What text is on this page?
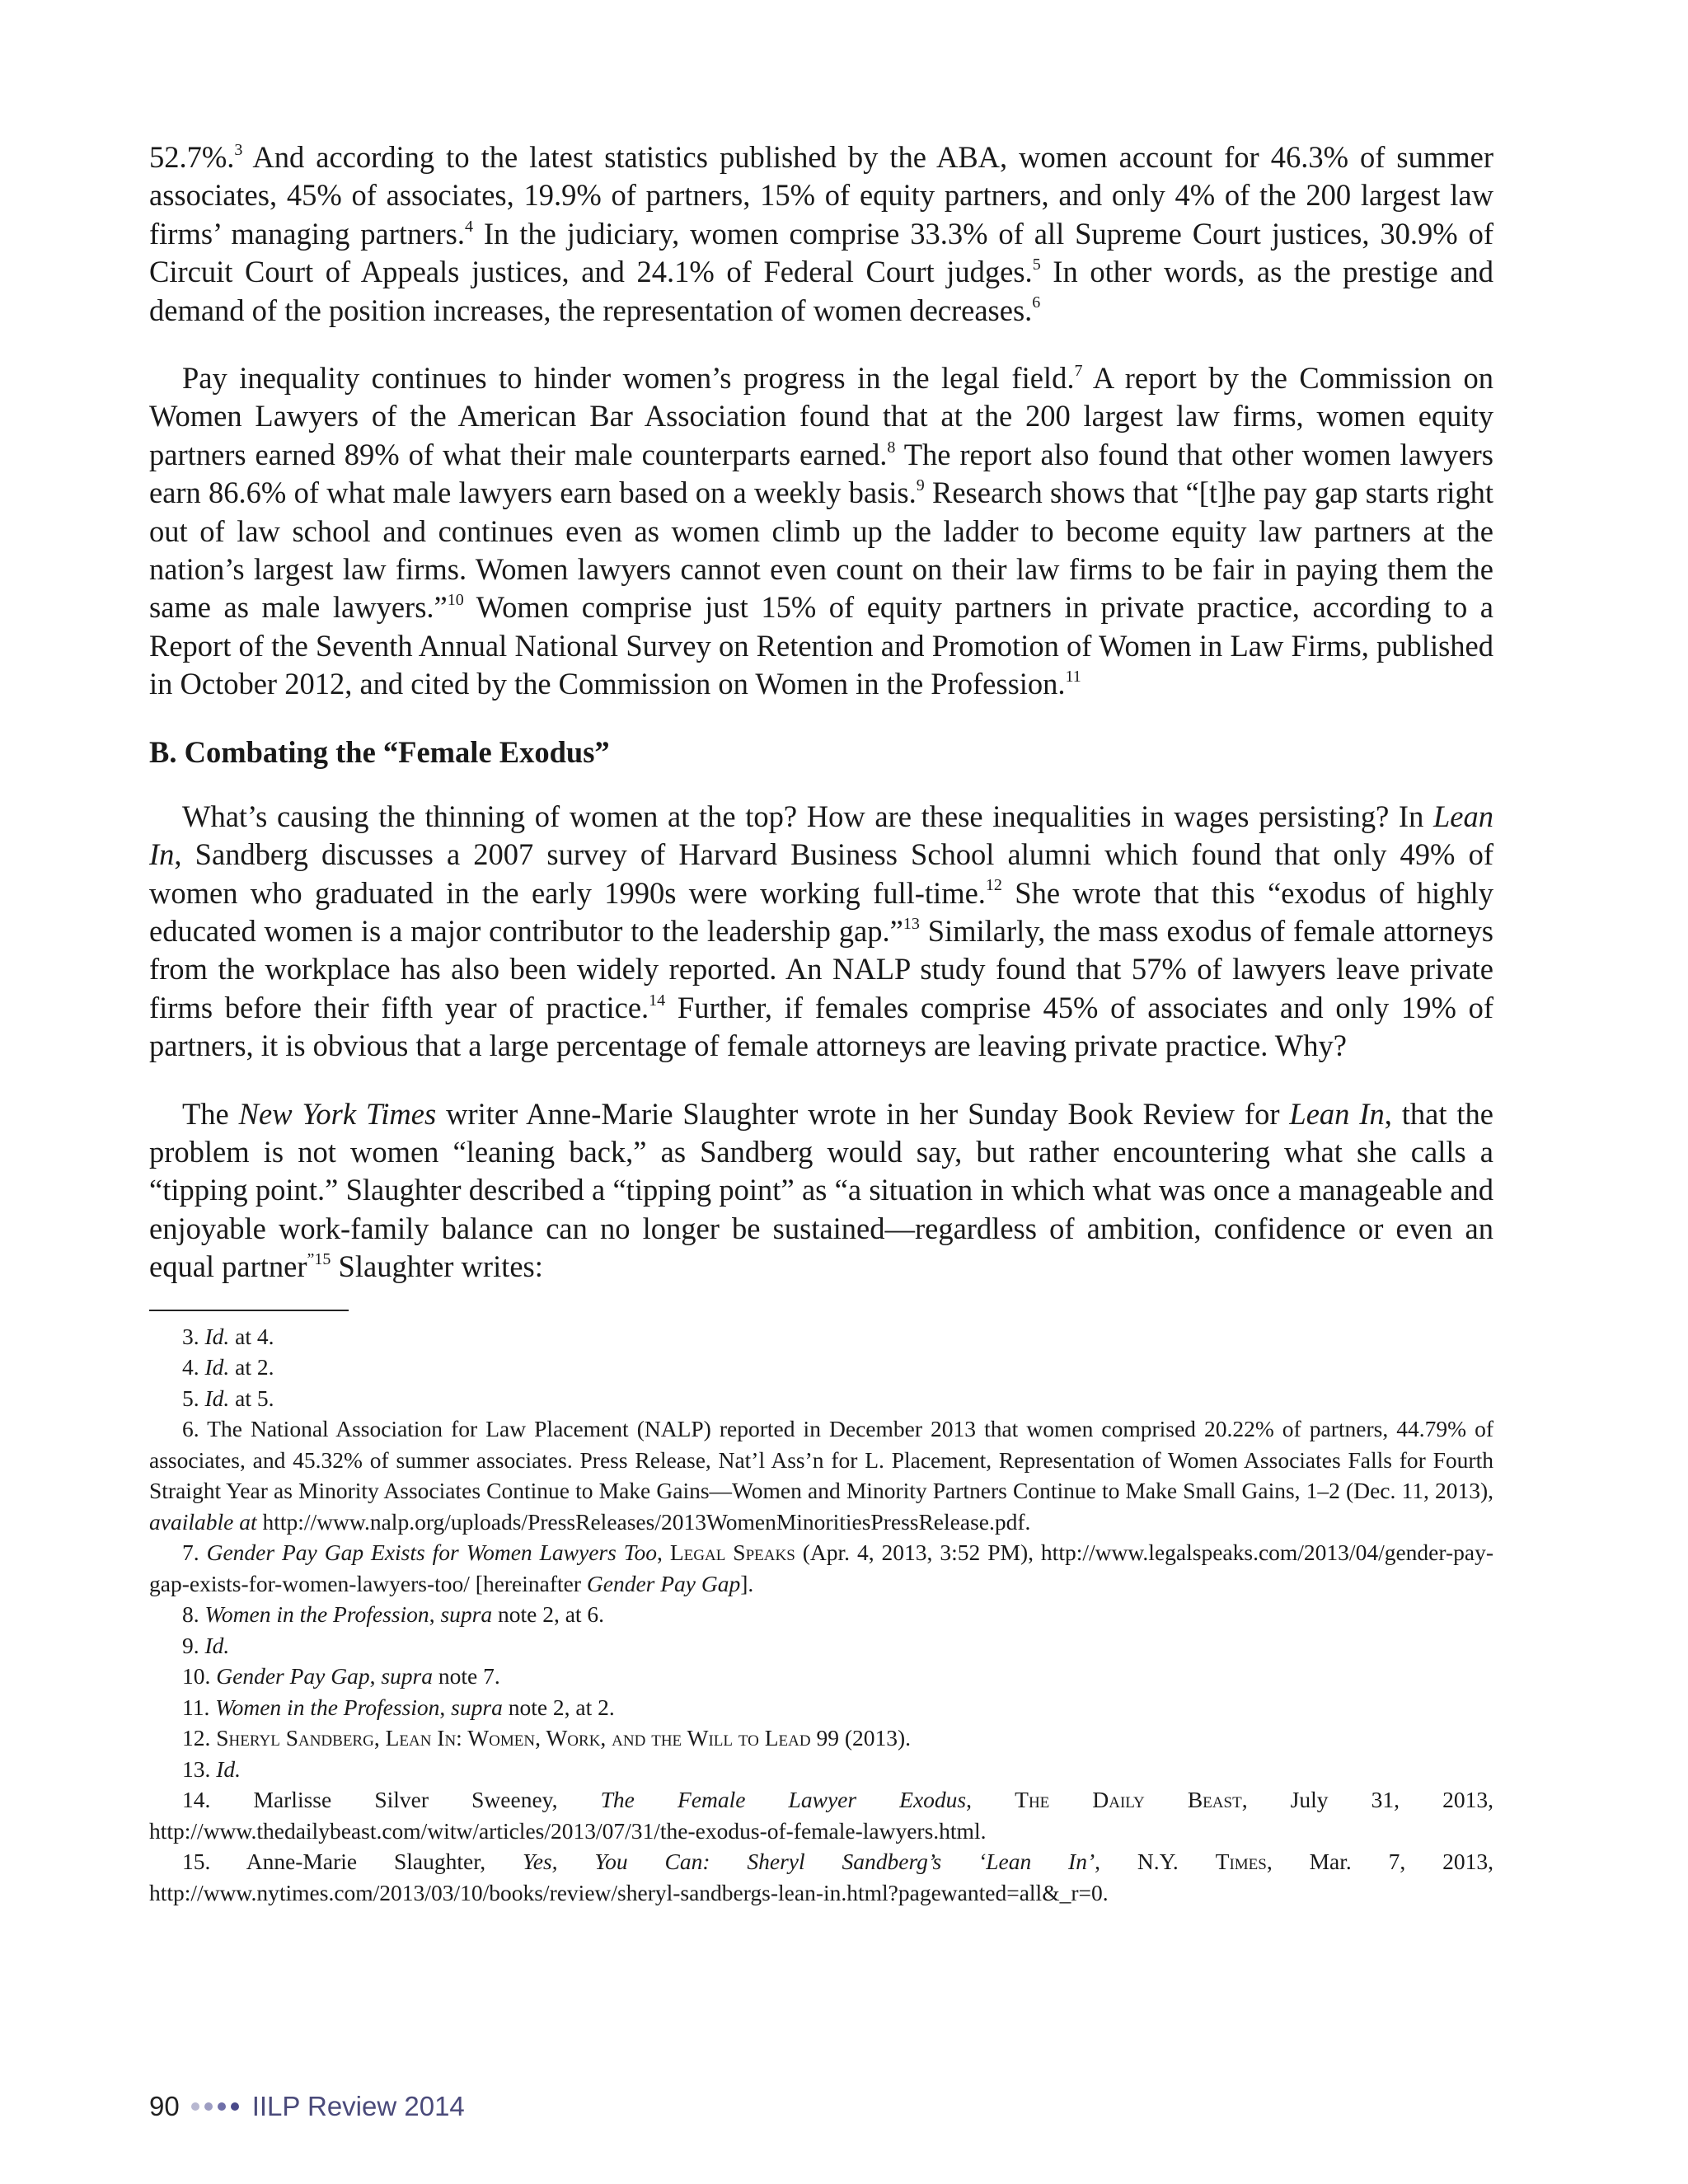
52.7%.$^3$ And according to the latest statistics published by the ABA, women account for 46.3% of summer associates, 45% of associates, 19.9% of partners, 15% of equity partners, and only 4% of the 200 largest law firms’ managing partners.$^4$ In the judiciary, women comprise 33.3% of all Supreme Court justices, 30.9% of Circuit Court of Appeals justices, and 24.1% of Federal Court judges.$^5$ In other words, as the prestige and demand of the position increases, the representation of women decreases.$^6$

Pay inequality continues to hinder women’s progress in the legal field.$^7$ A report by the Commission on Women Lawyers of the American Bar Association found that at the 200 largest law firms, women equity partners earned 89% of what their male counterparts earned.$^8$ The report also found that other women lawyers earn 86.6% of what male lawyers earn based on a weekly basis.$^9$ Research shows that “[t]he pay gap starts right out of law school and continues even as women climb up the ladder to become equity law partners at the nation’s largest law firms. Women lawyers cannot even count on their law firms to be fair in paying them the same as male lawyers.”$^{10}$ Women comprise just 15% of equity partners in private practice, according to a Report of the Seventh Annual National Survey on Retention and Promotion of Women in Law Firms, published in October 2012, and cited by the Commission on Women in the Profession.$^{11}$

B. Combating the “Female Exodus”

What’s causing the thinning of women at the top? How are these inequalities in wages persisting? In Lean In, Sandberg discusses a 2007 survey of Harvard Business School alumni which found that only 49% of women who graduated in the early 1990s were working full-time.$^{12}$ She wrote that this “exodus of highly educated women is a major contributor to the leadership gap.”$^{13}$ Similarly, the mass exodus of female attorneys from the workplace has also been widely reported. An NALP study found that 57% of lawyers leave private firms before their fifth year of practice.$^{14}$ Further, if females comprise 45% of associates and only 19% of partners, it is obvious that a large percentage of female attorneys are leaving private practice. Why?

The New York Times writer Anne-Marie Slaughter wrote in her Sunday Book Review for Lean In, that the problem is not women “leaning back,” as Sandberg would say, but rather encountering what she calls a “tipping point.” Slaughter described a “tipping point” as “a situation in which what was once a manageable and enjoyable work-family balance can no longer be sustained—regardless of ambition, confidence or even an equal partner$^{”15}$ Slaughter writes:

3. Id. at 4.

4. Id. at 2.

5. Id. at 5.

6. The National Association for Law Placement (NALP) reported in December 2013 that women comprised 20.22% of partners, 44.79% of associates, and 45.32% of summer associates. Press Release, Nat’l Ass’n for L. Placement, Representation of Women Associates Falls for Fourth Straight Year as Minority Associates Continue to Make Gains—Women and Minority Partners Continue to Make Small Gains, 1–2 (Dec. 11, 2013), available at http://www.nalp.org/uploads/PressReleases/2013WomenMinoritiesPressRelease.pdf.

7. Gender Pay Gap Exists for Women Lawyers Too, Legal Speaks (Apr. 4, 2013, 3:52 PM), http://www.legalspeaks.com/2013/04/gender-pay-gap-exists-for-women-lawyers-too/ [hereinafter Gender Pay Gap].

8. Women in the Profession, supra note 2, at 6.

9. Id.

10. Gender Pay Gap, supra note 7.

11. Women in the Profession, supra note 2, at 2.

12. Sheryl Sandberg, Lean In: Women, Work, and the Will to Lead 99 (2013).

13. Id.

14. Marlisse Silver Sweeney, The Female Lawyer Exodus, The Daily Beast, July 31, 2013, http://www.thedailybeast.com/witw/articles/2013/07/31/the-exodus-of-female-lawyers.html.

15. Anne-Marie Slaughter, Yes, You Can: Sheryl Sandberg’s ‘Lean In’, N.Y. Times, Mar. 7, 2013, http://www.nytimes.com/2013/03/10/books/review/sheryl-sandbergs-lean-in.html?pagewanted=all&_r=0.

90	IILP Review 2014
